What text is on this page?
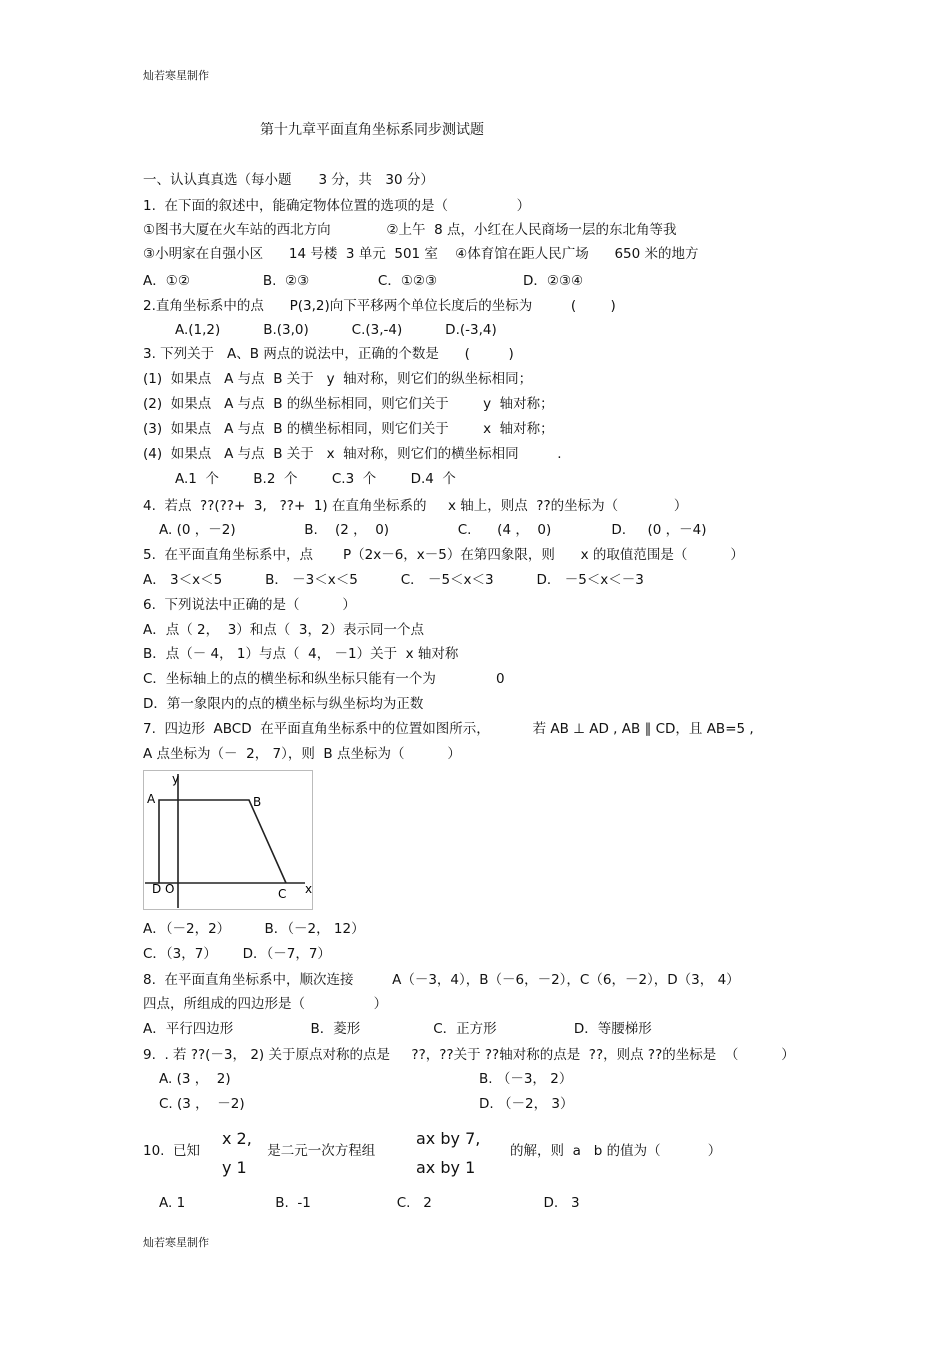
灿若寒星制作
第十九章平面直角坐标系同步测试题
一、认认真真选（每小题　　3 分，共　30 分）
1.  在下面的叙述中，能确定物体位置的选项的是（                ）
①图书大厦在火车站的西北方向             ②上午  8 点，小红在人民商场一层的东北角等我
③小明家在自强小区      14 号楼  3 单元  501 室    ④体育馆在距人民广场      650 米的地方
A．①②                 B.  ②③                C．①②③                    D．②③④
2.直角坐标系中的点      P(3,2)向下平移两个单位长度后的坐标为         (        )
A.(1,2)          B.(3,0)          C.(3,-4)          D.(-3,4)
3. 下列关于   A、B 两点的说法中，正确的个数是      (         )
(1)  如果点   A 与点  B 关于   y  轴对称，则它们的纵坐标相同；
(2)  如果点   A 与点  B 的纵坐标相同，则它们关于        y  轴对称；
(3)  如果点   A 与点  B 的横坐标相同，则它们关于        x  轴对称；
(4)  如果点   A 与点  B 关于   x  轴对称，则它们的横坐标相同         .
A.1  个        B.2  个        C.3  个        D.4  个
4.  若点  ??(??+  3,   ??+  1) 在直角坐标系的     x 轴上，则点  ??的坐标为（             ）
A. (0 ，－2)                B.    (2 ，  0)                C.      (4 ，  0)              D.     (0 ，－4)
5.  在平面直角坐标系中，点       P（2x－6，x－5）在第四象限，则      x 的取值范围是（          ）
A． 3＜x＜5          B． －3＜x＜5          C． －5＜x＜3          D． －5＜x＜－3
6.  下列说法中正确的是（          ）
A．点（ 2，  3）和点（  3，2）表示同一个点
B．点（－ 4， 1）与点（  4， －1）关于  x 轴对称
C．坐标轴上的点的横坐标和纵坐标只能有一个为              0
D．第一象限内的点的横坐标与纵坐标均为正数
7.  四边形  ABCD  在平面直角坐标系中的位置如图所示，          若 AB ⊥ AD , AB ∥ CD，且 AB=5 ,
A 点坐标为（－  2， 7），则  B 点坐标为（          ）
A．（－2，2）        B．（－2， 12）
C．（3，7）      D．（－7，7）
8.  在平面直角坐标系中，顺次连接         A（－3，4），B（－6，－2），C（6，－2），D（3， 4）
四点，所组成的四边形是（                ）
A．平行四边形                  B．菱形                 C．正方形                  D．等腰梯形
9.  . 若 ??(－3， 2) 关于原点对称的点是     ??，??关于 ??轴对称的点是  ??，则点 ??的坐标是  （          ）
A. (3 ，  2)	B. （－3， 2）
C. (3 ，  －2)	D. （－2， 3）
10.  已知	是二元一次方程组	的解，则  a   b 的值为（           ）
A. 1                     B.  -1                    C.   2                          D.   3
x 2,
y 1
ax by 7,
ax by 1
y
x
A	B
C
D O
灿若寒星制作
